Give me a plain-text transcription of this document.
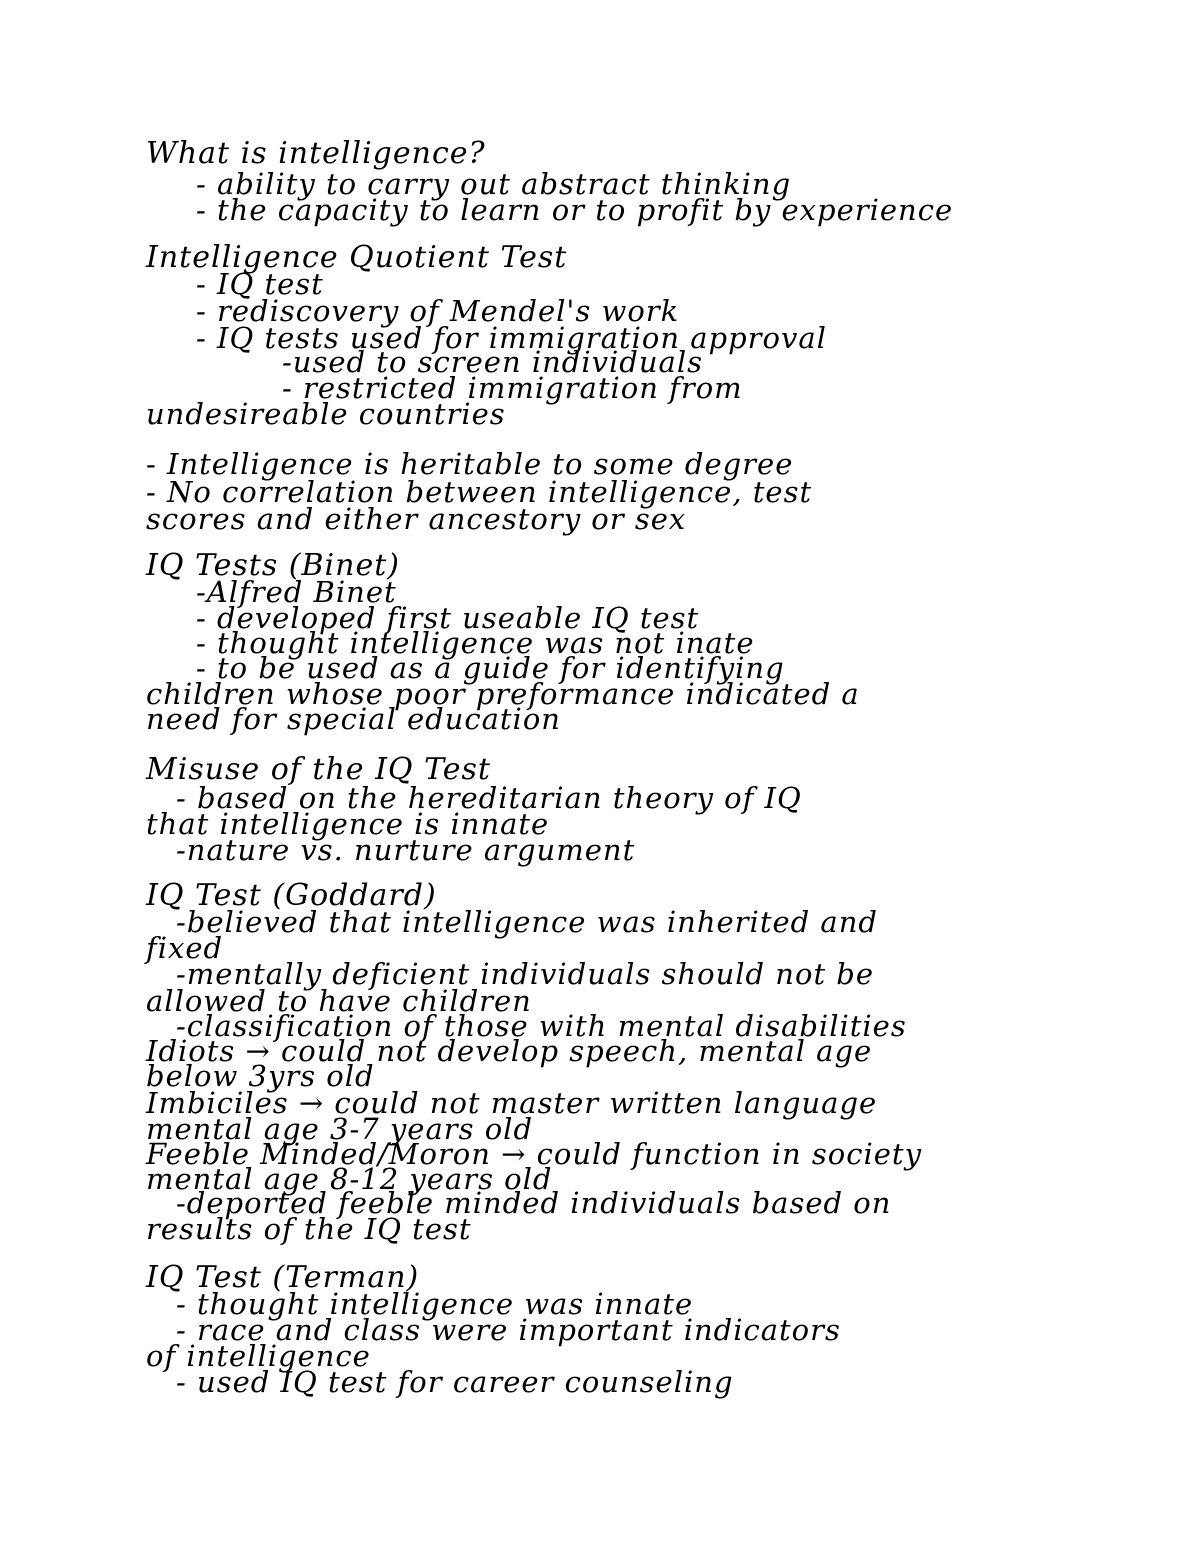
What is intelligence?
- ability to carry out abstract thinking
- the capacity to learn or to profit by experience
Intelligence Quotient Test
- IQ test
- rediscovery of Mendel's work
- IQ tests used for immigration approval
-used to screen individuals
- restricted immigration from
undesireable countries
- Intelligence is heritable to some degree
- No correlation between intelligence, test
scores and either ancestory or sex
IQ Tests (Binet)
-Alfred Binet
- developed first useable IQ test
- thought intelligence was not inate
- to be used as a guide for identifying
children whose poor preformance indicated a
need for special education
Misuse of the IQ Test
- based on the hereditarian theory of IQ
that intelligence is innate
-nature vs. nurture argument
IQ Test (Goddard)
-believed that intelligence was inherited and
fixed
-mentally deficient individuals should not be
allowed to have children
-classification of those with mental disabilities
Idiots → could not develop speech, mental age
below 3yrs old
Imbiciles → could not master written language
mental age 3-7 years old
Feeble Minded/Moron → could function in society
mental age 8-12 years old
-deported feeble minded individuals based on
results of the IQ test
IQ Test (Terman)
- thought intelligence was innate
- race and class were important indicators
of intelligence
- used IQ test for career counseling
